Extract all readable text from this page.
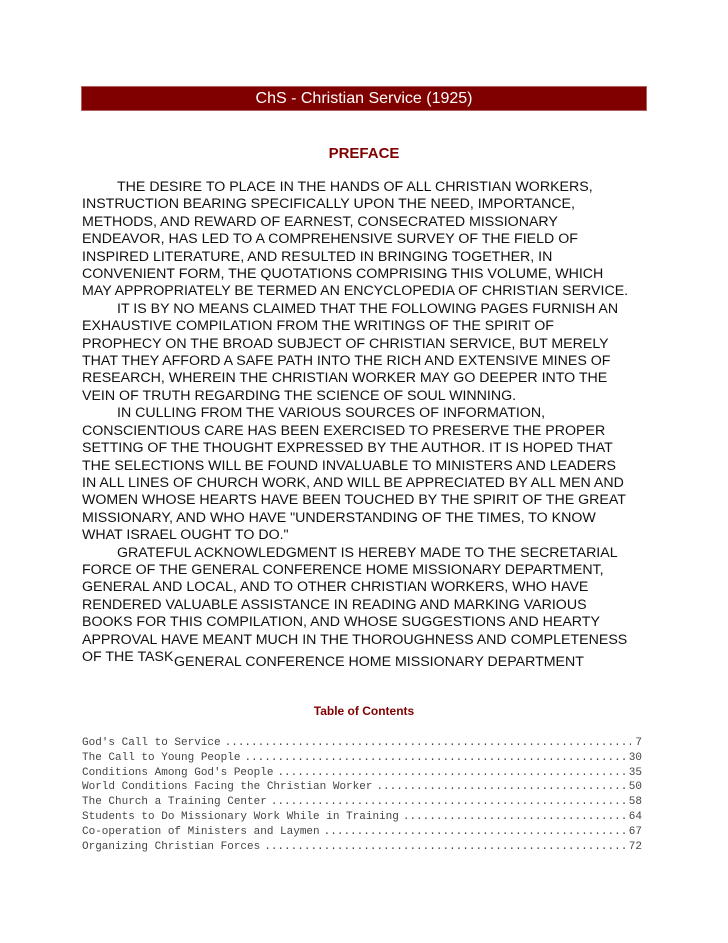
ChS - Christian Service (1925)
PREFACE
THE DESIRE TO PLACE IN THE HANDS OF ALL CHRISTIAN WORKERS,
INSTRUCTION BEARING SPECIFICALLY UPON THE NEED, IMPORTANCE,
METHODS, AND REWARD OF EARNEST, CONSECRATED MISSIONARY
ENDEAVOR, HAS LED TO A COMPREHENSIVE SURVEY OF THE FIELD OF
INSPIRED LITERATURE, AND RESULTED IN BRINGING TOGETHER, IN
CONVENIENT FORM, THE QUOTATIONS COMPRISING THIS VOLUME, WHICH
MAY APPROPRIATELY BE TERMED AN ENCYCLOPEDIA OF CHRISTIAN SERVICE.
IT IS BY NO MEANS CLAIMED THAT THE FOLLOWING PAGES FURNISH AN
EXHAUSTIVE COMPILATION FROM THE WRITINGS OF THE SPIRIT OF
PROPHECY ON THE BROAD SUBJECT OF CHRISTIAN SERVICE, BUT MERELY
THAT THEY AFFORD A SAFE PATH INTO THE RICH AND EXTENSIVE MINES OF
RESEARCH, WHEREIN THE CHRISTIAN WORKER MAY GO DEEPER INTO THE
VEIN OF TRUTH REGARDING THE SCIENCE OF SOUL WINNING.
IN CULLING FROM THE VARIOUS SOURCES OF INFORMATION,
CONSCIENTIOUS CARE HAS BEEN EXERCISED TO PRESERVE THE PROPER
SETTING OF THE THOUGHT EXPRESSED BY THE AUTHOR. IT IS HOPED THAT
THE SELECTIONS WILL BE FOUND INVALUABLE TO MINISTERS AND LEADERS
IN ALL LINES OF CHURCH WORK, AND WILL BE APPRECIATED BY ALL MEN AND
WOMEN WHOSE HEARTS HAVE BEEN TOUCHED BY THE SPIRIT OF THE GREAT
MISSIONARY, AND WHO HAVE "UNDERSTANDING OF THE TIMES, TO KNOW
WHAT ISRAEL OUGHT TO DO."
GRATEFUL ACKNOWLEDGMENT IS HEREBY MADE TO THE SECRETARIAL
FORCE OF THE GENERAL CONFERENCE HOME MISSIONARY DEPARTMENT,
GENERAL AND LOCAL, AND TO OTHER CHRISTIAN WORKERS, WHO HAVE
RENDERED VALUABLE ASSISTANCE IN READING AND MARKING VARIOUS
BOOKS FOR THIS COMPILATION, AND WHOSE SUGGESTIONS AND HEARTY
APPROVAL HAVE MEANT MUCH IN THE THOROUGHNESS AND COMPLETENESS
OF THE TASK.
GENERAL CONFERENCE HOME MISSIONARY DEPARTMENT
Table of Contents
God's Call to Service .....	7
The Call to Young People .....	30
Conditions Among God's People .....	35
World Conditions Facing the Christian Worker .....	50
The Church a Training Center .....	58
Students to Do Missionary Work While in Training .....	64
Co-operation of Ministers and Laymen .....	67
Organizing Christian Forces .....	72
